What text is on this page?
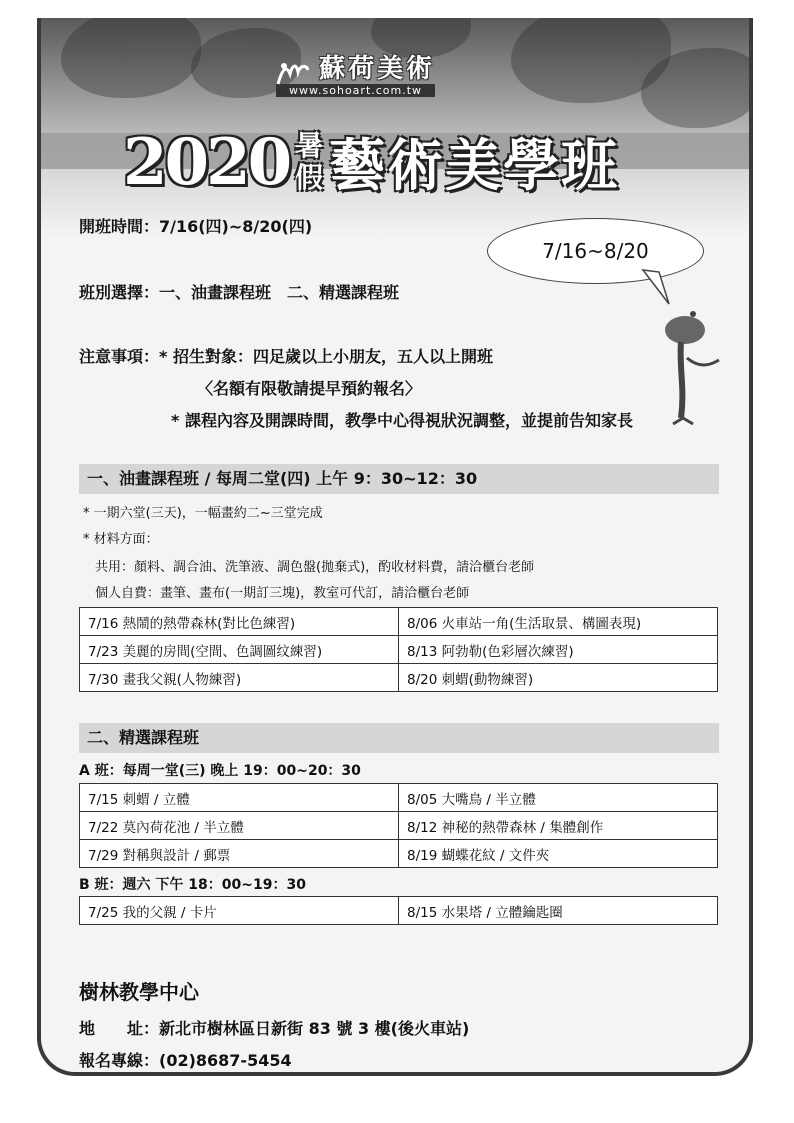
蘇荷美術
www.sohoart.com.tw
2020 暑
假 藝術美學班
開班時間：7/16(四)~8/20(四)
班別選擇：一、油畫課程班　二、精選課程班
注意事項：* 招生對象：四足歲以上小朋友，五人以上開班
〈名額有限敬請提早預約報名〉
* 課程內容及開課時間，教學中心得視狀況調整，並提前告知家長
7/16~8/20
一、油畫課程班 / 每周二堂(四) 上午 9：30~12：30
* 一期六堂(三天)，一幅畫約二~三堂完成
* 材料方面：
共用：顏料、調合油、洗筆液、調色盤(拋棄式)，酌收材料費，請洽櫃台老師
個人自費：畫筆、畫布(一期訂三塊)，教室可代訂，請洽櫃台老師
7/16 熱鬧的熱帶森林(對比色練習)	8/06 火車站一角(生活取景、構圖表現)
7/23 美麗的房間(空間、色調圖纹練習)	8/13 阿勃勒(色彩層次練習)
7/30 畫我父親(人物練習)	8/20 刺蝟(動物練習)
二、精選課程班
A 班：每周一堂(三) 晚上 19：00~20：30
7/15 刺蝟 / 立體	8/05 大嘴鳥 / 半立體
7/22 莫內荷花池 / 半立體	8/12 神秘的熱帶森林 / 集體創作
7/29 對稱與設計 / 郵票	8/19 蝴蝶花紋 / 文件夾
B 班：週六 下午 18：00~19：30
7/25 我的父親 / 卡片	8/15 水果塔 / 立體鑰匙圈
樹林教學中心
地　　址：新北市樹林區日新街 83 號 3 樓(後火車站)
報名專線：(02)8687-5454
